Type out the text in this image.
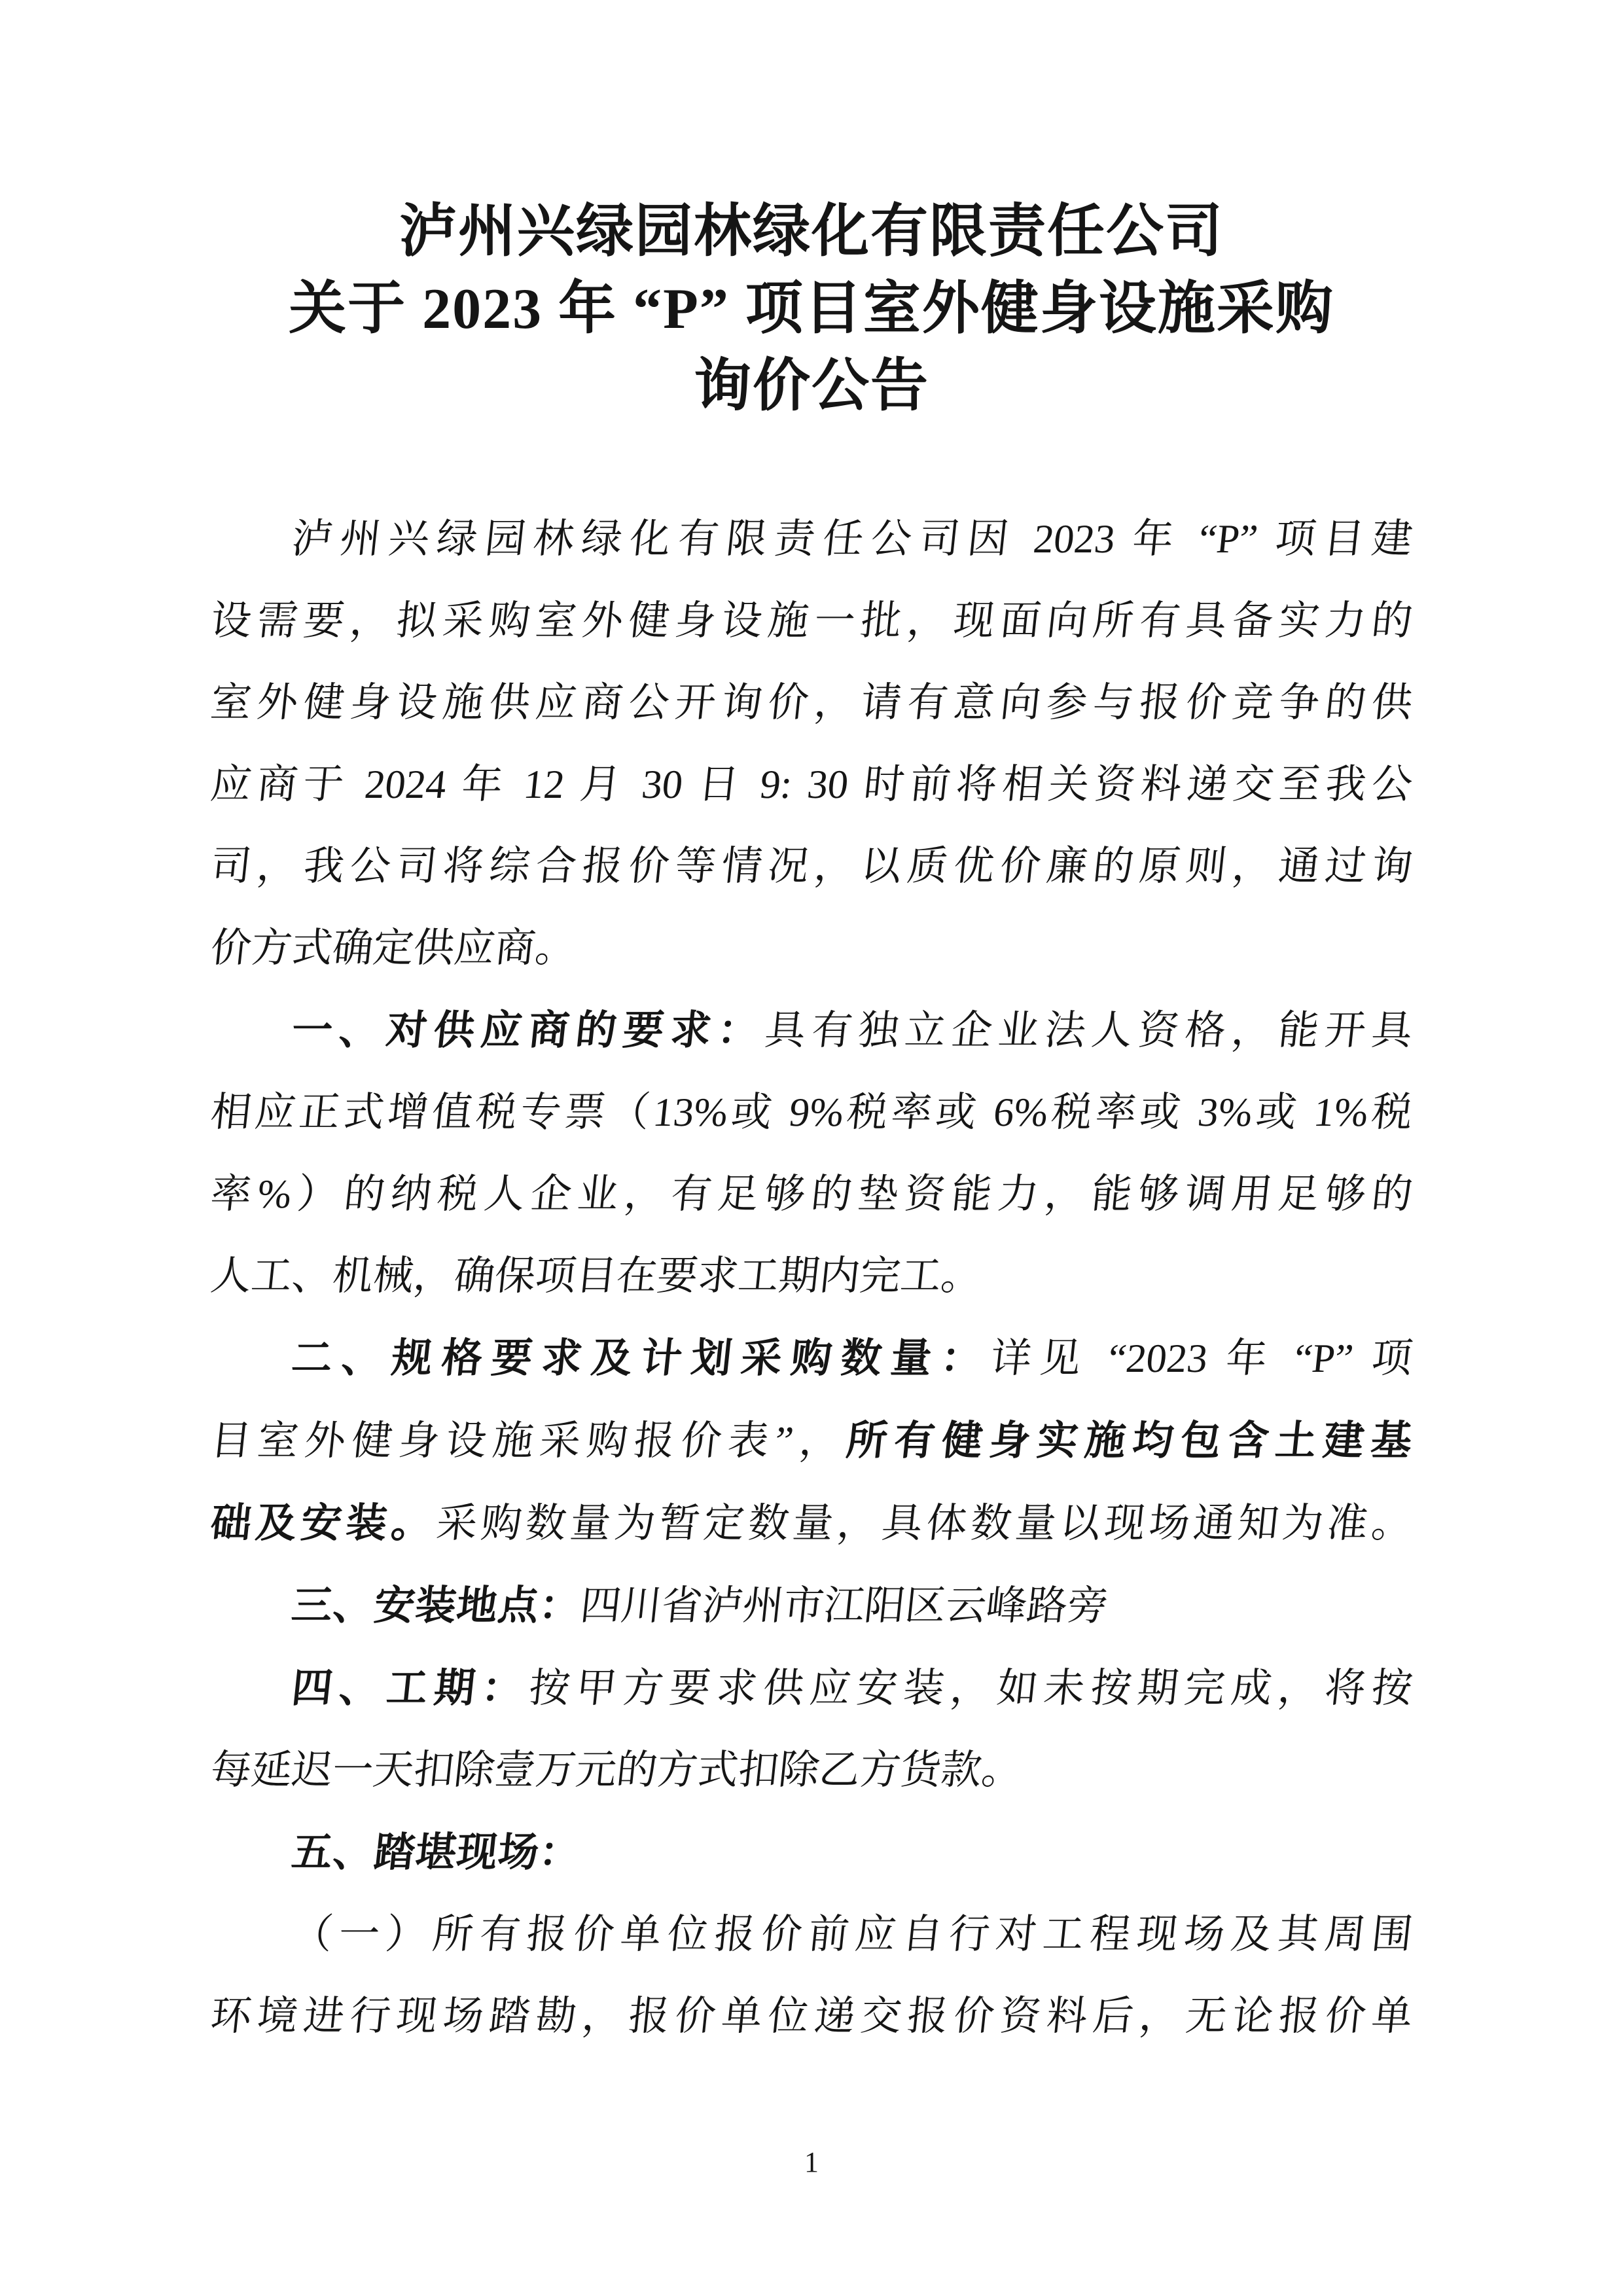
泸州兴绿园林绿化有限责任公司
关于 2023 年 “P” 项目室外健身设施采购
询价公告
泸州兴绿园林绿化有限责任公司因 2023 年 “P” 项目建
设需要，拟采购室外健身设施一批，现面向所有具备实力的
室外健身设施供应商公开询价，请有意向参与报价竞争的供
应商于 2024 年 12 月 30 日 9: 30 时前将相关资料递交至我公
司，我公司将综合报价等情况，以质优价廉的原则，通过询
价方式确定供应商。
一、对供应商的要求：具有独立企业法人资格，能开具
相应正式增值税专票（13%或 9%税率或 6%税率或 3%或 1%税
率%）的纳税人企业，有足够的垫资能力，能够调用足够的
人工、机械，确保项目在要求工期内完工。
二、规格要求及计划采购数量：详见 “2023 年 “P” 项
目室外健身设施采购报价表”，所有健身实施均包含土建基
础及安装。采购数量为暂定数量，具体数量以现场通知为准。
三、安装地点：四川省泸州市江阳区云峰路旁
四、工期：按甲方要求供应安装，如未按期完成，将按
每延迟一天扣除壹万元的方式扣除乙方货款。
五、踏堪现场：
（一）所有报价单位报价前应自行对工程现场及其周围
环境进行现场踏勘，报价单位递交报价资料后，无论报价单
1
